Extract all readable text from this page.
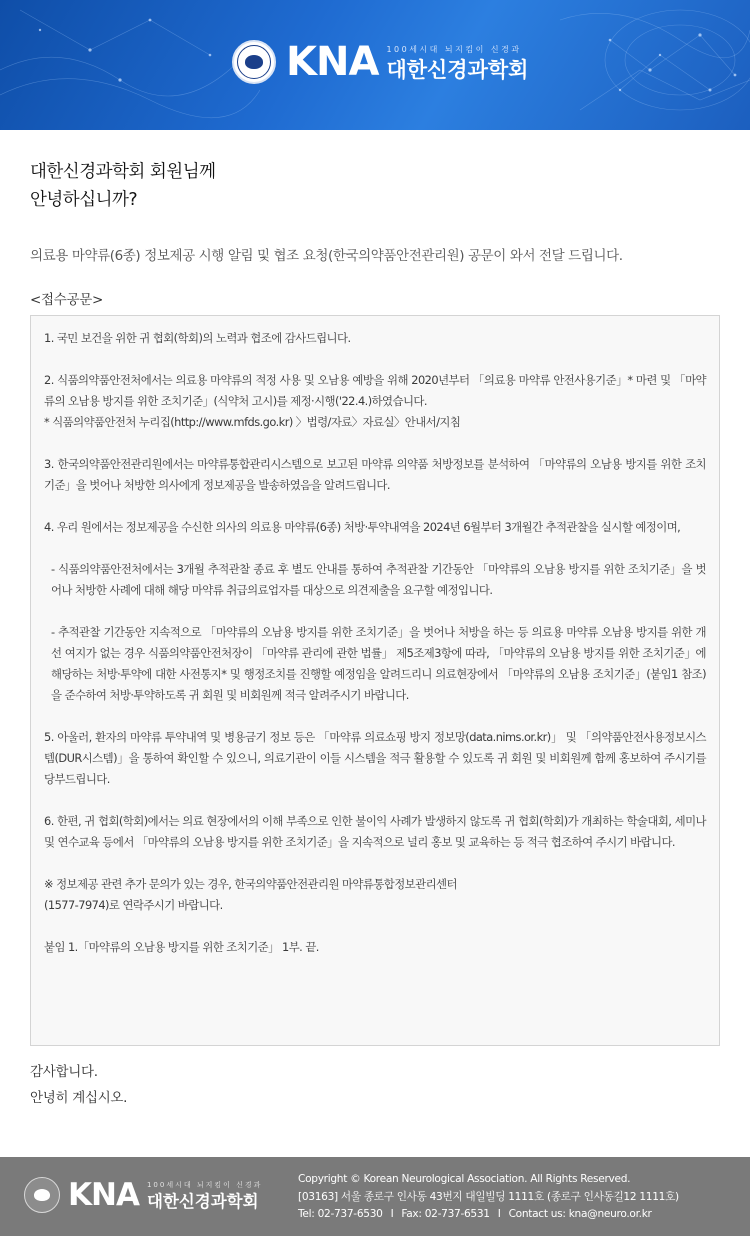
KNA 100세시대 뇌지킴이 신경과
대한신경과학회
대한신경과학회 회원님께
안녕하십니까?
의료용 마약류(6종) 정보제공 시행 알림 및 협조 요청(한국의약품안전관리원) 공문이 와서 전달 드립니다.
<접수공문>

1. 국민 보건을 위한 귀 협회(학회)의 노력과 협조에 감사드립니다.

2. 식품의약품안전처에서는 의료용 마약류의 적정 사용 및 오남용 예방을 위해 2020년부터 「의료용 마약류 안전사용기준」* 마련 및 「마약류의 오남용 방지를 위한 조치기준」(식약처 고시)를 제정·시행('22.4.)하였습니다.

* 식품의약품안전처 누리집(http://www.mfds.go.kr) 〉법령/자료〉자료실〉안내서/지침

3. 한국의약품안전관리원에서는 마약류통합관리시스템으로 보고된 마약류 의약품 처방정보를 분석하여 「마약류의 오남용 방지를 위한 조치기준」을 벗어나 처방한 의사에게 정보제공을 발송하였음을 알려드립니다.

4. 우리 원에서는 정보제공을 수신한 의사의 의료용 마약류(6종) 처방·투약내역을 2024년 6월부터 3개월간 추적관찰을 실시할 예정이며,

- 식품의약품안전처에서는 3개월 추적관찰 종료 후 별도 안내를 통하여 추적관찰 기간동안 「마약류의 오남용 방지를 위한 조치기준」을 벗어나 처방한 사례에 대해 해당 마약류 취급의료업자를 대상으로 의견제출을 요구할 예정입니다.

- 추적관찰 기간동안 지속적으로 「마약류의 오남용 방지를 위한 조치기준」을 벗어나 처방을 하는 등 의료용 마약류 오남용 방지를 위한 개선 여지가 없는 경우 식품의약품안전처장이 「마약류 관리에 관한 법률」 제5조제3항에 따라, 「마약류의 오남용 방지를 위한 조치기준」에 해당하는 처방·투약에 대한 사전통지* 및 행정조치를 진행할 예정임을 알려드리니 의료현장에서 「마약류의 오남용 조치기준」(붙임1 참조)을 준수하여 처방·투약하도록 귀 회원 및 비회원께 적극 알려주시기 바랍니다.

5. 아울러, 환자의 마약류 투약내역 및 병용금기 정보 등은 「마약류 의료쇼핑 방지 정보망(data.nims.or.kr)」 및 「의약품안전사용정보시스템(DUR시스템)」을 통하여 확인할 수 있으니, 의료기관이 이들 시스템을 적극 활용할 수 있도록 귀 회원 및 비회원께 함께 홍보하여 주시기를 당부드립니다.

6. 한편, 귀 협회(학회)에서는 의료 현장에서의 이해 부족으로 인한 불이익 사례가 발생하지 않도록 귀 협회(학회)가 개최하는 학술대회, 세미나 및 연수교육 등에서 「마약류의 오남용 방지를 위한 조치기준」을 지속적으로 널리 홍보 및 교육하는 등 적극 협조하여 주시기 바랍니다.

※ 정보제공 관련 추가 문의가 있는 경우, 한국의약품안전관리원 마약류통합정보관리센터

(1577-7974)로 연락주시기 바랍니다.

붙임 1.「마약류의 오남용 방지를 위한 조치기준」 1부. 끝.

감사합니다.
안녕히 계십시오.
KNA 100세시대 뇌지킴이 신경과
대한신경과학회
Copyright © Korean Neurological Association. All Rights Reserved.
[03163] 서울 종로구 인사동 43번지 대일빌딩 1111호 (종로구 인사동길12 1111호)
Tel: 02-737-6530 I Fax: 02-737-6531 I Contact us: kna@neuro.or.kr
